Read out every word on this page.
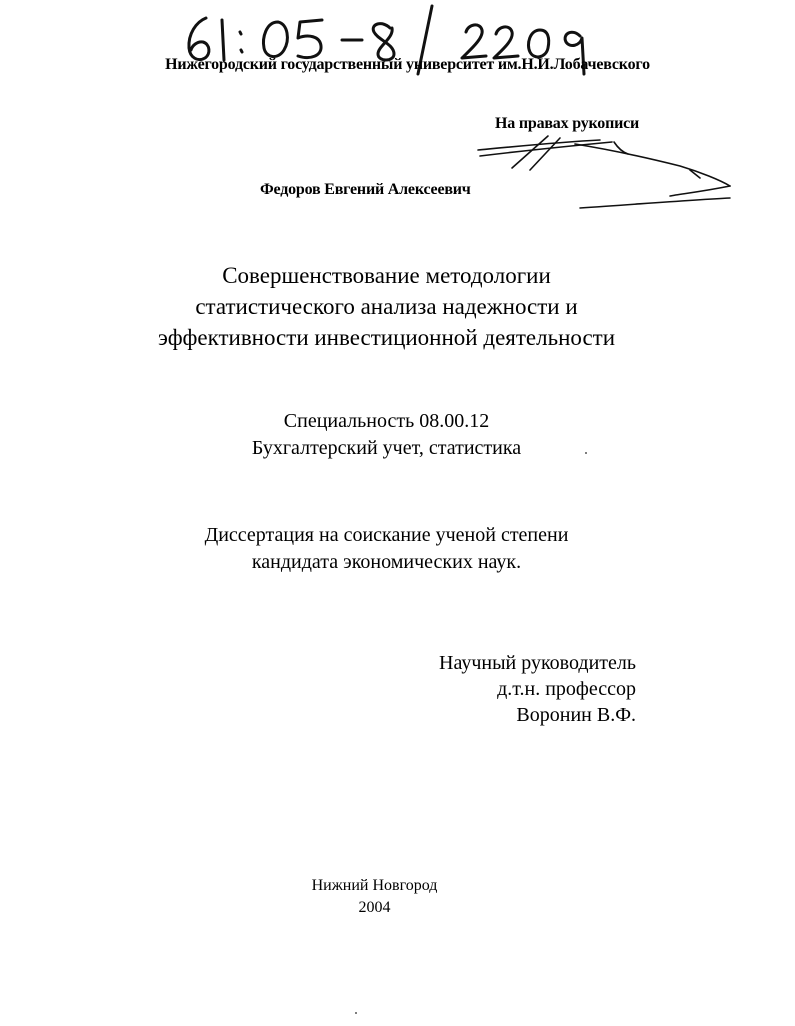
Нижегородский государственный университет им.Н.И.Лобачевского
На правах рукописи
Федоров Евгений Алексеевич
Совершенствование методологии
статистического анализа надежности и
эффективности инвестиционной деятельности
Специальность 08.00.12
Бухгалтерский учет, статистика
Диссертация на соискание ученой степени
кандидата экономических наук.
Научный руководитель
д.т.н. профессор
Воронин В.Ф.
Нижний Новгород
2004
